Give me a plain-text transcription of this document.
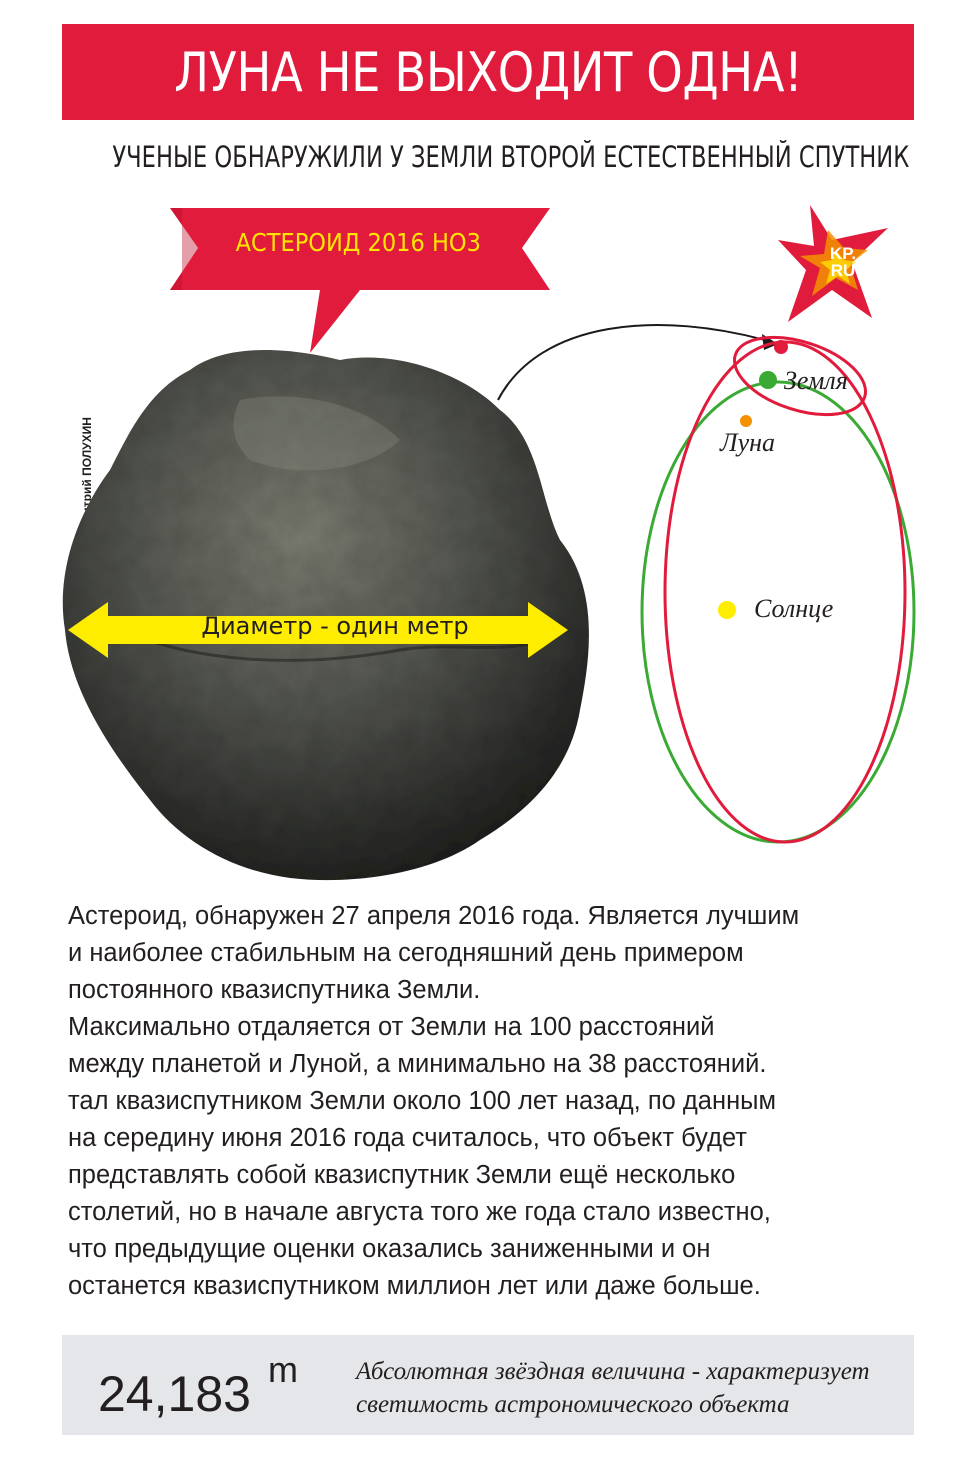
ЛУНА НЕ ВЫХОДИТ ОДНА!
УЧЕНЫЕ ОБНАРУЖИЛИ У ЗЕМЛИ ВТОРОЙ ЕСТЕСТВЕННЫЙ СПУТНИК
KP.
RU
Дмитрий ПОЛУХИН
АСТЕРОИД 2016 НО3
Диаметр - один метр
Земля
Луна
Солнце

Астероид, обнаружен 27 апреля 2016 года. Является лучшим

и наиболее стабильным на сегодняшний день примером

постоянного квазиспутника Земли.

Максимально отдаляется от Земли на 100 расстояний

между планетой и Луной, а минимально на 38 расстояний.

тал квазиспутником Земли около 100 лет назад, по данным

на середину июня 2016 года считалось, что объект будет

представлять собой квазиспутник Земли ещё несколько

столетий, но в начале августа того же года стало известно,

что предыдущие оценки оказались заниженными и он

останется квазиспутником миллион лет или даже больше.

24,183 m Абсолютная звёздная величина - характеризует
светимость астрономического объекта
